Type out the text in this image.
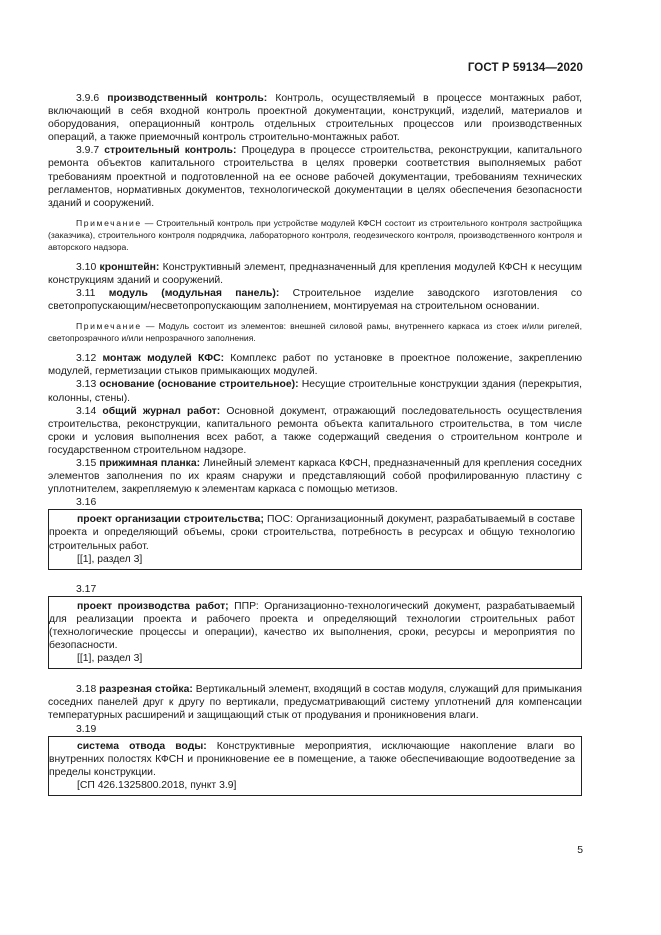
ГОСТ Р 59134—2020

3.9.6 производственный контроль: Контроль, осуществляемый в процессе монтажных работ, включающий в себя входной контроль проектной документации, конструкций, изделий, материалов и оборудования, операционный контроль отдельных строительных процессов или производственных операций, а также приемочный контроль строительно-монтажных работ.

3.9.7 строительный контроль: Процедура в процессе строительства, реконструкции, капитального ремонта объектов капитального строительства в целях проверки соответствия выполняемых работ требованиям проектной и подготовленной на ее основе рабочей документации, требованиям технических регламентов, нормативных документов, технологической документации в целях обеспечения безопасности зданий и сооружений.

Примечание — Строительный контроль при устройстве модулей КФСН состоит из строительного контроля застройщика (заказчика), строительного контроля подрядчика, лабораторного контроля, геодезического контроля, производственного контроля и авторского надзора.

3.10 кронштейн: Конструктивный элемент, предназначенный для крепления модулей КФСН к несущим конструкциям зданий и сооружений.

3.11 модуль (модульная панель): Строительное изделие заводского изготовления со светопропускающим/несветопропускающим заполнением, монтируемая на строительном основании.

Примечание — Модуль состоит из элементов: внешней силовой рамы, внутреннего каркаса из стоек и/или ригелей, светопрозрачного и/или непрозрачного заполнения.

3.12 монтаж модулей КФС: Комплекс работ по установке в проектное положение, закреплению модулей, герметизации стыков примыкающих модулей.

3.13 основание (основание строительное): Несущие строительные конструкции здания (перекрытия, колонны, стены).

3.14 общий журнал работ: Основной документ, отражающий последовательность осуществления строительства, реконструкции, капитального ремонта объекта капитального строительства, в том числе сроки и условия выполнения всех работ, а также содержащий сведения о строительном контроле и государственном строительном надзоре.

3.15 прижимная планка: Линейный элемент каркаса КФСН, предназначенный для крепления соседних элементов заполнения по их краям снаружи и представляющий собой профилированную пластину с уплотнителем, закрепляемую к элементам каркаса с помощью метизов.

3.16

проект организации строительства; ПОС: Организационный документ, разрабатываемый в составе проекта и определяющий объемы, сроки строительства, потребность в ресурсах и общую технологию строительных работ.

[[1], раздел 3]

3.17

проект производства работ; ППР: Организационно-технологический документ, разрабатываемый для реализации проекта и рабочего проекта и определяющий технологии строительных работ (технологические процессы и операции), качество их выполнения, сроки, ресурсы и мероприятия по безопасности.

[[1], раздел 3]

3.18 разрезная стойка: Вертикальный элемент, входящий в состав модуля, служащий для примыкания соседних панелей друг к другу по вертикали, предусматривающий систему уплотнений для компенсации температурных расширений и защищающий стык от продувания и проникновения влаги.

3.19

система отвода воды: Конструктивные мероприятия, исключающие накопление влаги во внутренних полостях КФСН и проникновение ее в помещение, а также обеспечивающие водоотведение за пределы конструкции.

[СП 426.1325800.2018, пункт 3.9]

5
